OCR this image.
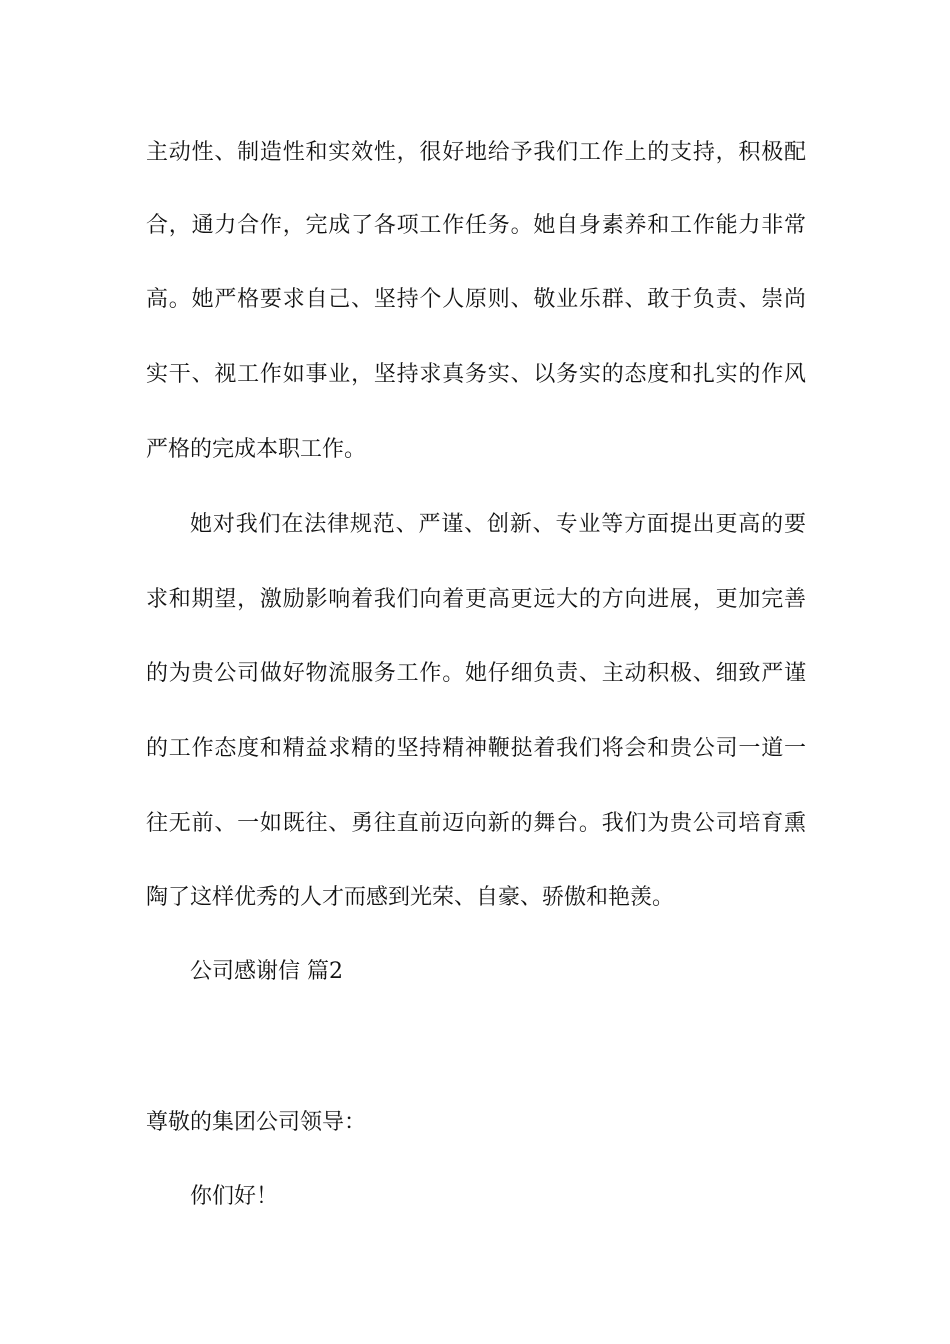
主动性、制造性和实效性，很好地给予我们工作上的支持，积极配
合，通力合作，完成了各项工作任务。她自身素养和工作能力非常
高。她严格要求自己、坚持个人原则、敬业乐群、敢于负责、崇尚
实干、视工作如事业，坚持求真务实、以务实的态度和扎实的作风
严格的完成本职工作。
她对我们在法律规范、严谨、创新、专业等方面提出更高的要
求和期望，激励影响着我们向着更高更远大的方向进展，更加完善
的为贵公司做好物流服务工作。她仔细负责、主动积极、细致严谨
的工作态度和精益求精的坚持精神鞭挞着我们将会和贵公司一道一
往无前、一如既往、勇往直前迈向新的舞台。我们为贵公司培育熏
陶了这样优秀的人才而感到光荣、自豪、骄傲和艳羡。
公司感谢信 篇2
尊敬的集团公司领导：
你们好！
